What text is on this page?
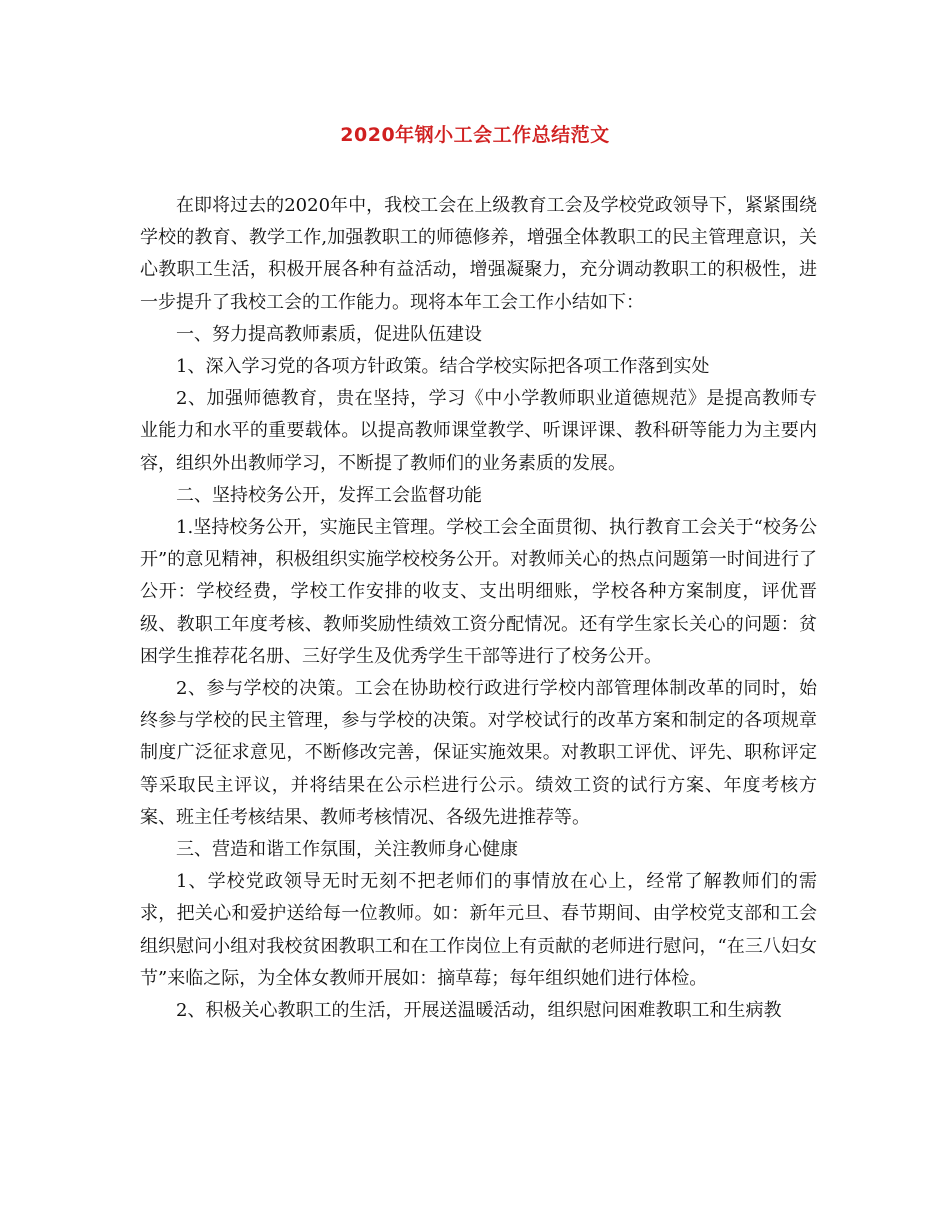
2020年钢小工会工作总结范文

在即将过去的2020年中，我校工会在上级教育工会及学校党政领导下，紧紧围绕学校的教育、教学工作,加强教职工的师德修养，增强全体教职工的民主管理意识，关心教职工生活，积极开展各种有益活动，增强凝聚力，充分调动教职工的积极性，进一步提升了我校工会的工作能力。现将本年工会工作小结如下：

一、努力提高教师素质，促进队伍建设

1、深入学习党的各项方针政策。结合学校实际把各项工作落到实处

2、加强师德教育，贵在坚持，学习《中小学教师职业道德规范》是提高教师专业能力和水平的重要载体。以提高教师课堂教学、听课评课、教科研等能力为主要内容，组织外出教师学习，不断提了教师们的业务素质的发展。

二、坚持校务公开，发挥工会监督功能

1.坚持校务公开，实施民主管理。学校工会全面贯彻、执行教育工会关于“校务公开”的意见精神，积极组织实施学校校务公开。对教师关心的热点问题第一时间进行了公开：学校经费，学校工作安排的收支、支出明细账，学校各种方案制度，评优晋级、教职工年度考核、教师奖励性绩效工资分配情况。还有学生家长关心的问题：贫困学生推荐花名册、三好学生及优秀学生干部等进行了校务公开。

2、参与学校的决策。工会在协助校行政进行学校内部管理体制改革的同时，始终参与学校的民主管理，参与学校的决策。对学校试行的改革方案和制定的各项规章制度广泛征求意见，不断修改完善，保证实施效果。对教职工评优、评先、职称评定等采取民主评议，并将结果在公示栏进行公示。绩效工资的试行方案、年度考核方案、班主任考核结果、教师考核情况、各级先进推荐等。

三、营造和谐工作氛围，关注教师身心健康

1、学校党政领导无时无刻不把老师们的事情放在心上，经常了解教师们的需求，把关心和爱护送给每一位教师。如：新年元旦、春节期间、由学校党支部和工会组织慰问小组对我校贫困教职工和在工作岗位上有贡献的老师进行慰问，“在三八妇女节”来临之际，为全体女教师开展如：摘草莓；每年组织她们进行体检。

2、积极关心教职工的生活，开展送温暖活动，组织慰问困难教职工和生病教
